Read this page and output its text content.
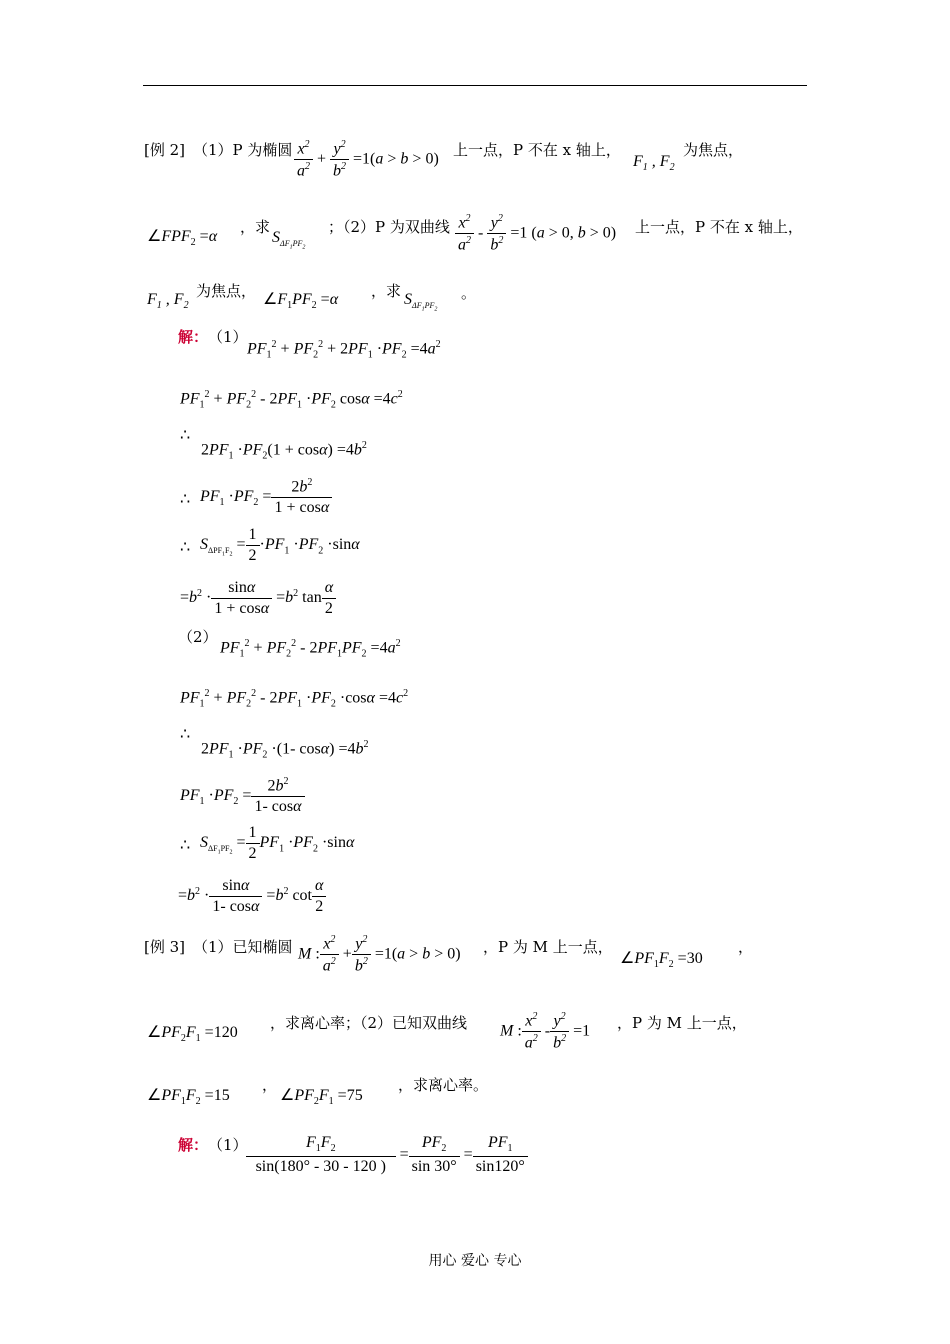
[例 2] （1）P 为椭圆 $\frac{x^2}{a^2} + \frac{y^2}{b^2} =1(a > b > 0)$ 上一点，P 不在 x 轴上，
$F_1$ , $F_2$
为焦点，
$\angle FPF_2 =\alpha$
，求
$S_{\Delta F_1PF_2}$
；（2）P 为双曲线 $\frac{x^2}{a^2} - \frac{y^2}{b^2} =1$ (a > 0, b > 0) 上一点，P 不在 x 轴上，
$F_1$ , $F_2$
为焦点， $\angle F_1PF_2 =\alpha$ ，求 $S_{\Delta F_1PF_2}$
。
解： （1）
$PF_1^2 + PF_2^2 + 2PF_1 \cdot PF_2 =4a^2$
$PF_1^2 + PF_2^2 - 2PF_1 \cdot PF_2$ $\cos\alpha =4c^2$
∴
$2PF_1 \cdot PF_2(1 + \cos\alpha) =4b^2$
∴ $PF_1 \cdot PF_2 = \frac{2b^2}{1 + \cos\alpha}$
∴ $S_{\Delta PF_1F_2} = \frac{1}{2} \cdot PF_1 \cdot PF_2 \cdot\sin\alpha$
$=b^2 \cdot \frac{\sin\alpha}{1 + \cos\alpha} =b^2$ $\tan \frac{\alpha}{2}$
（2）
$PF_1^2 + PF_2^2 - 2PF_1PF_2 =4a^2$
$PF_1^2 + PF_2^2 - 2PF_1 \cdot PF_2 \cdot\cos\alpha =4c^2$
∴
$2PF_1 \cdot PF_2 \cdot(1-$ $\cos\alpha) =4b^2$
$PF_1 \cdot PF_2 = \frac{2b^2}{1- \cos\alpha}$
∴ $S_{\Delta F_1PF_2} = \frac{1}{2} PF_1 \cdot PF_2 \cdot\sin\alpha$
$=b^2 \cdot \frac{\sin\alpha}{1- \cos\alpha} =b^2$ $\cot \frac{\alpha}{2}$
[例 3] （1）已知椭圆 M : $\frac{x^2}{a^2} + \frac{y^2}{b^2} =1(a > b > 0)$ ，P 为 M 上一点，
$\angle PF_1F_2 =30$
，
$\angle PF_2F_1 =120$
，求离心率；（2）已知双曲线 M : $\frac{x^2}{a^2} - \frac{y^2}{b^2} =1$ ，P 为 M 上一点，
$\angle PF_1F_2 =15$
，
$\angle PF_2F_1 =75$
，求离心率。
解： （1）
$\frac{F_1F_2}{\sin(180^\circ - 30 - 120 )} = \frac{PF_2}{\sin 30^\circ} = \frac{PF_1}{\sin 120^\circ}$
用心 爱心 专心
